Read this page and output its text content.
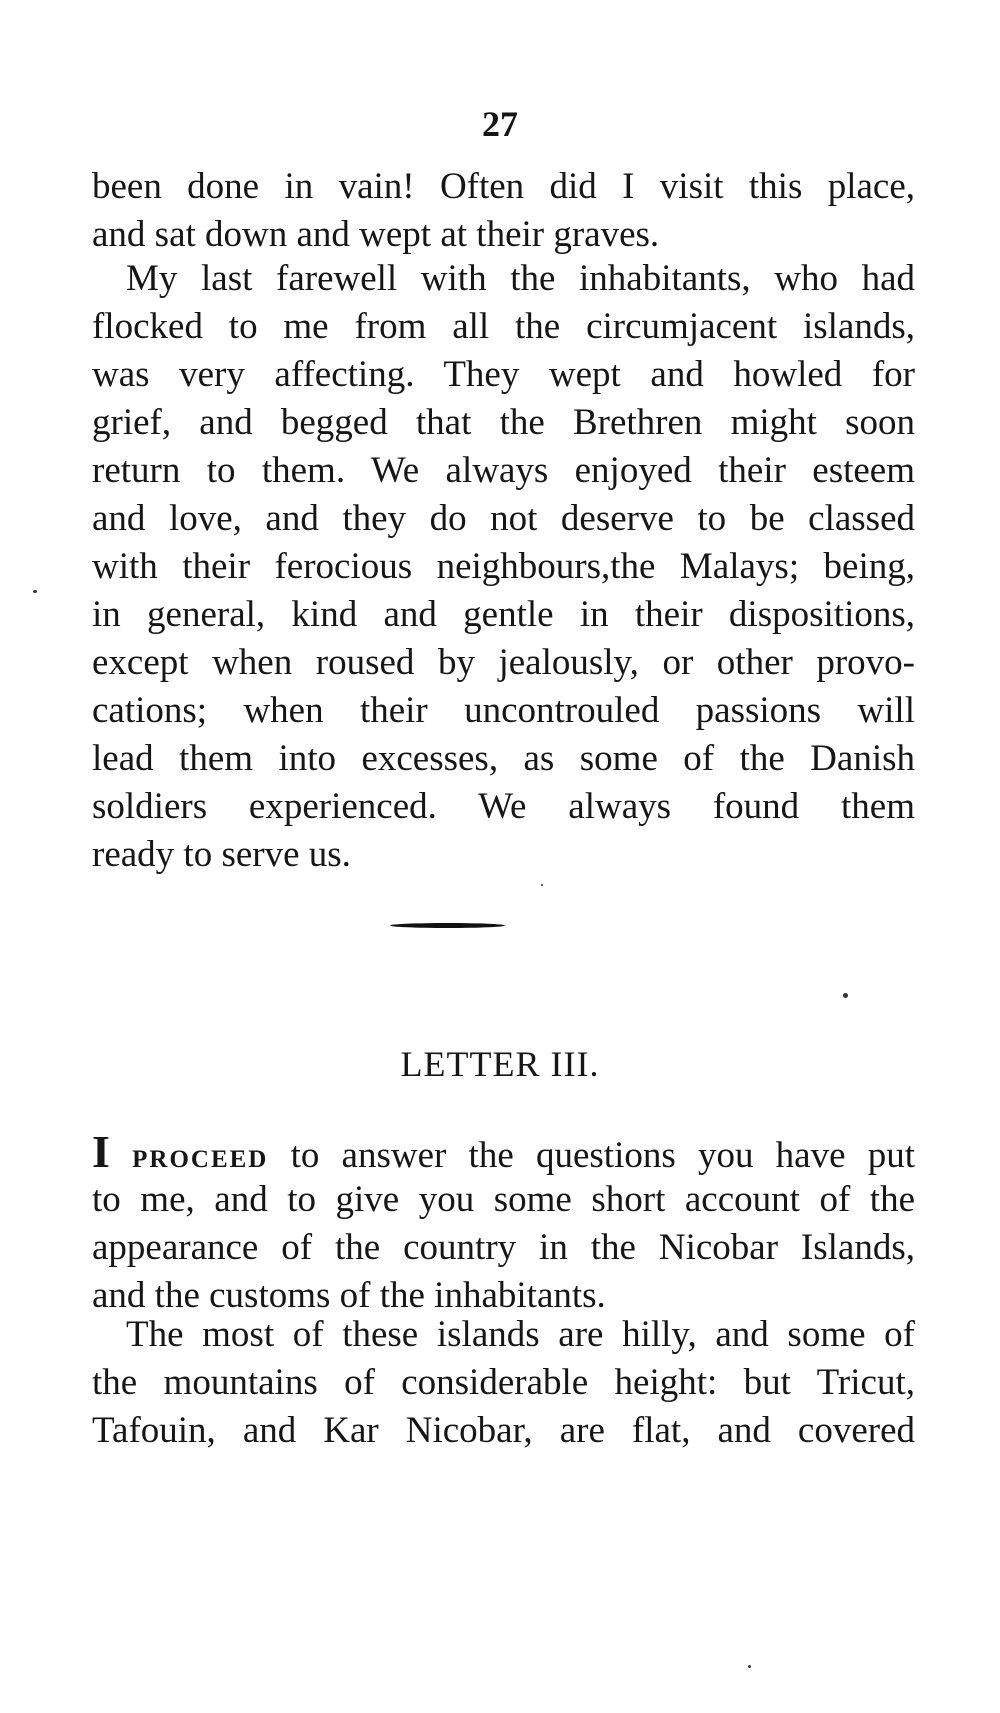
27
been done in vain! Often did I visit this place,
and sat down and wept at their graves.
My last farewell with the inhabitants, who had
flocked to me from all the circumjacent islands,
was very affecting. They wept and howled for
grief, and begged that the Brethren might soon
return to them. We always enjoyed their esteem
and love, and they do not deserve to be classed
with their ferocious neighbours,the Malays; being,
in general, kind and gentle in their dispositions,
except when roused by jealously, or other provo-
cations; when their uncontrouled passions will
lead them into excesses, as some of the Danish
soldiers experienced. We always found them
ready to serve us.
LETTER III.
I PROCEED to answer the questions you have put
to me, and to give you some short account of the
appearance of the country in the Nicobar Islands,
and the customs of the inhabitants.
The most of these islands are hilly, and some of
the mountains of considerable height: but Tricut,
Tafouin, and Kar Nicobar, are flat, and covered
